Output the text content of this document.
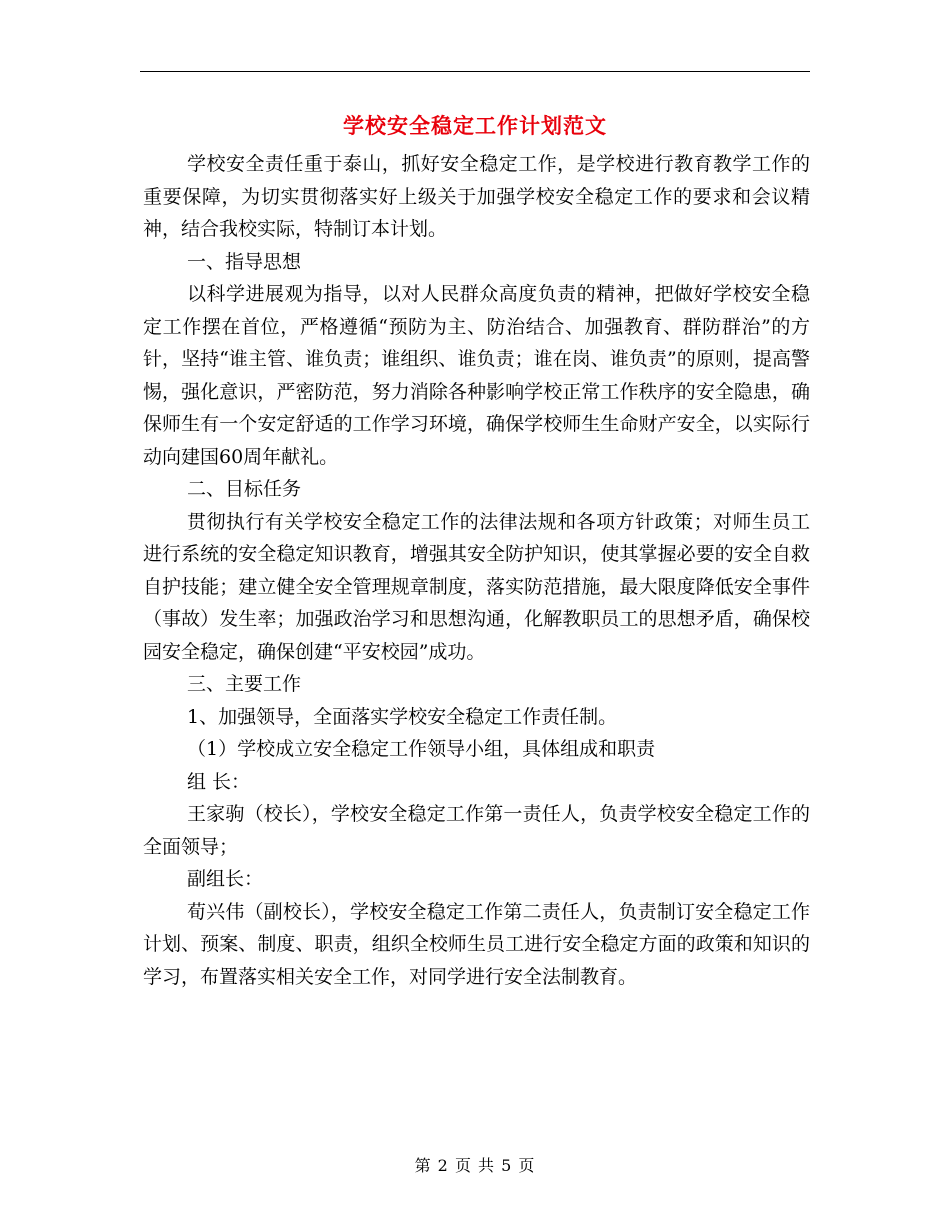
学校安全稳定工作计划范文

学校安全责任重于泰山，抓好安全稳定工作，是学校进行教育教学工作的重要保障，为切实贯彻落实好上级关于加强学校安全稳定工作的要求和会议精神，结合我校实际，特制订本计划。

一、指导思想

以科学进展观为指导，以对人民群众高度负责的精神，把做好学校安全稳定工作摆在首位，严格遵循“预防为主、防治结合、加强教育、群防群治”的方针，坚持“谁主管、谁负责；谁组织、谁负责；谁在岗、谁负责”的原则，提高警惕，强化意识，严密防范，努力消除各种影响学校正常工作秩序的安全隐患，确保师生有一个安定舒适的工作学习环境，确保学校师生生命财产安全，以实际行动向建国60周年献礼。

二、目标任务

贯彻执行有关学校安全稳定工作的法律法规和各项方针政策；对师生员工进行系统的安全稳定知识教育，增强其安全防护知识，使其掌握必要的安全自救自护技能；建立健全安全管理规章制度，落实防范措施，最大限度降低安全事件（事故）发生率；加强政治学习和思想沟通，化解教职员工的思想矛盾，确保校园安全稳定，确保创建“平安校园”成功。

三、主要工作

1、加强领导，全面落实学校安全稳定工作责任制。

（1）学校成立安全稳定工作领导小组，具体组成和职责

组 长：

王家驹（校长），学校安全稳定工作第一责任人，负责学校安全稳定工作的全面领导；

副组长：

荀兴伟（副校长），学校安全稳定工作第二责任人，负责制订安全稳定工作计划、预案、制度、职责，组织全校师生员工进行安全稳定方面的政策和知识的学习，布置落实相关安全工作，对同学进行安全法制教育。

第 2 页 共 5 页
